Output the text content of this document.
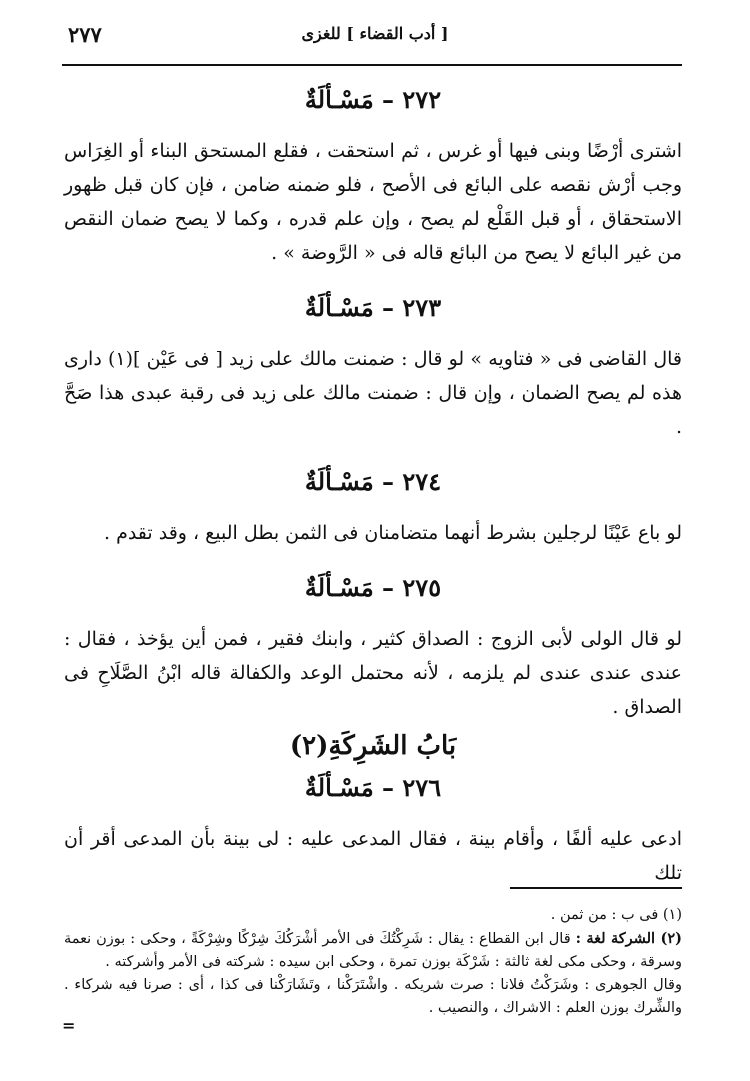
٢٧٧	[ أدب القضاء ] للغزى
٢٧٢ – مَسْـألَةٌ

اشترى أرْضًا وبنى فيها أو غرس ، ثم استحقت ، فقلع المستحق البناء أو الغِرَاس وجب أرْش نقصه على البائع فى الأصح ، فلو ضمنه ضامن ، فإن كان قبل ظهور الاستحقاق ، أو قبل القَلْع لم يصح ، وإن علم قدره ، وكما لا يصح ضمان النقص من غير البائع لا يصح من البائع قاله فى « الرَّوضة » .

٢٧٣ – مَسْـألَةٌ

قال القاضى فى « فتاويه » لو قال : ضمنت مالك على زيد [ فى عَيْن ](١) دارى هذه لم يصح الضمان ، وإن قال : ضمنت مالك على زيد فى رقبة عبدى هذا صَحَّ .

٢٧٤ – مَسْـألَةٌ

لو باع عَيْنًا لرجلين بشرط أنهما متضامنان فى الثمن بطل البيع ، وقد تقدم .

٢٧٥ – مَسْـألَةٌ

لو قال الولى لأبى الزوج : الصداق كثير ، وابنك فقير ، فمن أين يؤخذ ، فقال : عندى عندى عندى لم يلزمه ، لأنه محتمل الوعد والكفالة قاله ابْنُ الصَّلَاحِ فى الصداق .

بَابُ الشَرِكَةِ(٢)
٢٧٦ – مَسْـألَةٌ

ادعى عليه ألفًا ، وأقام بينة ، فقال المدعى عليه : لى بينة بأن المدعى أقر أن تلك

(١) فى ب : من ثمن .

(٢) الشركة لغة : قال ابن القطاع : يقال : شَرِكْتُكَ فى الأمر أشْرَكُكَ شِرْكًا وشِرْكَةً ، وحكى : بوزن نعمة وسرقة ، وحكى مكى لغة ثالثة : شَرْكَة بوزن تمرة ، وحكى ابن سيده : شركته فى الأمر وأشركته .

وقال الجوهرى : وشَرَكْتُ فلانا : صرت شريكه . واشْتَرَكْنا ، وتَشَارَكْنا فى كذا ، أى : صرنا فيه شركاء . والشِّرك بوزن العلم : الاشراك ، والنصيب .

=
